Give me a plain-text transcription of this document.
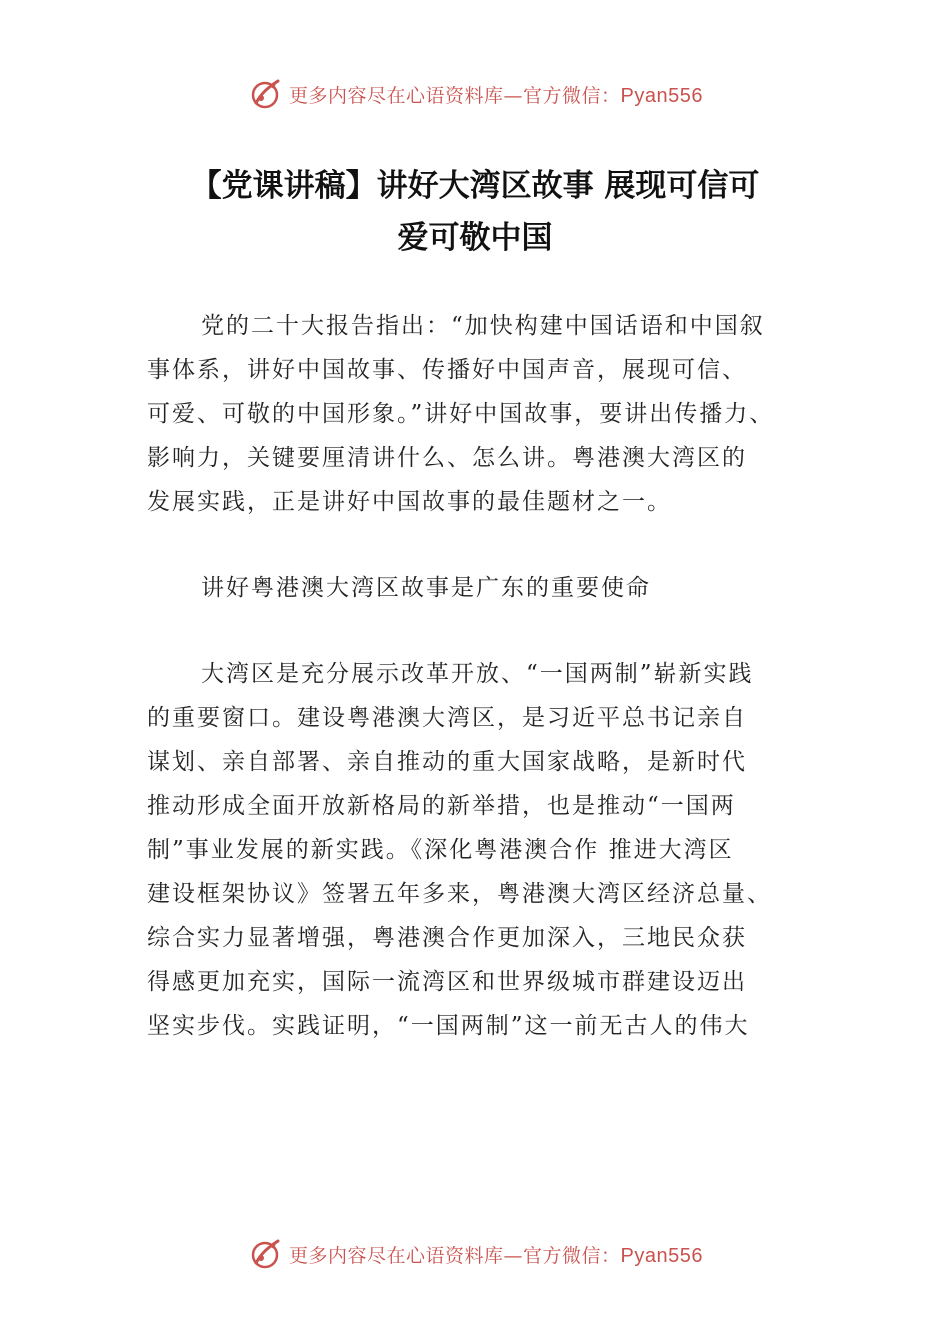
更多内容尽在心语资料库—官方微信：Pyan556
【党课讲稿】讲好大湾区故事 展现可信可
爱可敬中国

党的二十大报告指出：“加快构建中国话语和中国叙
事体系，讲好中国故事、传播好中国声音，展现可信、
可爱、可敬的中国形象。”讲好中国故事，要讲出传播力、
影响力，关键要厘清讲什么、怎么讲。粤港澳大湾区的
发展实践，正是讲好中国故事的最佳题材之一。

讲好粤港澳大湾区故事是广东的重要使命

大湾区是充分展示改革开放、“一国两制”崭新实践
的重要窗口。建设粤港澳大湾区，是习近平总书记亲自
谋划、亲自部署、亲自推动的重大国家战略，是新时代
推动形成全面开放新格局的新举措，也是推动“一国两
制”事业发展的新实践。《深化粤港澳合作 推进大湾区
建设框架协议》签署五年多来，粤港澳大湾区经济总量、
综合实力显著增强，粤港澳合作更加深入，三地民众获
得感更加充实，国际一流湾区和世界级城市群建设迈出
坚实步伐。实践证明，“一国两制”这一前无古人的伟大

更多内容尽在心语资料库—官方微信：Pyan556
